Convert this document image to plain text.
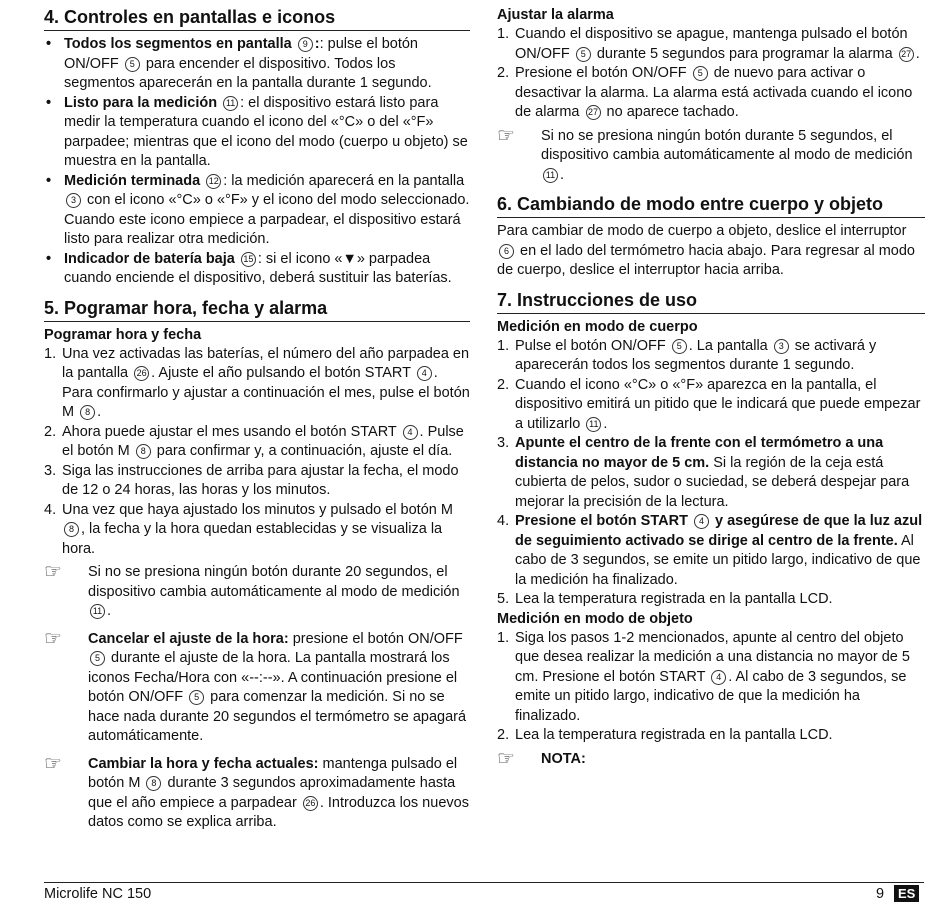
4. Controles en pantallas e iconos
• Todos los segmentos en pantalla 9 :: pulse el botón ON/OFF 5 para encender el dispositivo. Todos los segmentos aparecerán en la pantalla durante 1 segundo.
• Listo para la medición 11 : el dispositivo estará listo para medir la temperatura cuando el icono del «°C» o del «°F» parpadee; mientras que el icono del modo (cuerpo u objeto) se muestra en la pantalla.
• Medición terminada 12 : la medición aparecerá en la pantalla 3 con el icono «°C» o «°F» y el icono del modo seleccionado. Cuando este icono empiece a parpadear, el dispositivo estará listo para realizar otra medición.
• Indicador de batería baja 15 : si el icono «▼» parpadea cuando enciende el dispositivo, deberá sustituir las baterías.
5. Pogramar hora, fecha y alarma
Pogramar hora y fecha
1. Una vez activadas las baterías, el número del año parpadea en la pantalla 26 . Ajuste el año pulsando el botón START 4 . Para confirmarlo y ajustar a continuación el mes, pulse el botón M 8 .
2. Ahora puede ajustar el mes usando el botón START 4 . Pulse el botón M 8 para confirmar y, a continuación, ajuste el día.
3. Siga las instrucciones de arriba para ajustar la fecha, el modo de 12 o 24 horas, las horas y los minutos.
4. Una vez que haya ajustado los minutos y pulsado el botón M 8 , la fecha y la hora quedan establecidas y se visualiza la hora.
☞ Si no se presiona ningún botón durante 20 segundos, el dispositivo cambia automáticamente al modo de medición 11 .
☞ Cancelar el ajuste de la hora: presione el botón ON/OFF 5 durante el ajuste de la hora. La pantalla mostrará los iconos Fecha/Hora con «--:--». A continuación presione el botón ON/OFF 5 para comenzar la medición. Si no se hace nada durante 20 segundos el termómetro se apagará automáticamente.
☞ Cambiar la hora y fecha actuales: mantenga pulsado el botón M 8 durante 3 segundos aproximadamente hasta que el año empiece a parpadear 26 . Introduzca los nuevos datos como se explica arriba.
Ajustar la alarma
1. Cuando el dispositivo se apague, mantenga pulsado el botón ON/OFF 5 durante 5 segundos para programar la alarma 27 .
2. Presione el botón ON/OFF 5 de nuevo para activar o desactivar la alarma. La alarma está activada cuando el icono de alarma 27 no aparece tachado.
☞ Si no se presiona ningún botón durante 5 segundos, el dispositivo cambia automáticamente al modo de medición 11 .
6. Cambiando de modo entre cuerpo y objeto

Para cambiar de modo de cuerpo a objeto, deslice el interruptor 6 en el lado del termómetro hacia abajo. Para regresar al modo de cuerpo, deslice el interruptor hacia arriba.

7. Instrucciones de uso
Medición en modo de cuerpo
1. Pulse el botón ON/OFF 5 . La pantalla 3 se activará y aparecerán todos los segmentos durante 1 segundo.
2. Cuando el icono «°C» o «°F» aparezca en la pantalla, el dispositivo emitirá un pitido que le indicará que puede empezar a utilizarlo 11 .
3. Apunte el centro de la frente con el termómetro a una distancia no mayor de 5 cm. Si la región de la ceja está cubierta de pelos, sudor o suciedad, se deberá despejar para mejorar la precisión de la lectura.
4. Presione el botón START 4 y asegúrese de que la luz azul de seguimiento activado se dirige al centro de la frente. Al cabo de 3 segundos, se emite un pitido largo, indicativo de que la medición ha finalizado.
5. Lea la temperatura registrada en la pantalla LCD.
Medición en modo de objeto
1. Siga los pasos 1-2 mencionados, apunte al centro del objeto que desea realizar la medición a una distancia no mayor de 5 cm. Presione el botón START 4 . Al cabo de 3 segundos, se emite un pitido largo, indicativo de que la medición ha finalizado.
2. Lea la temperatura registrada en la pantalla LCD.
☞ NOTA:
Microlife NC 150	9	ES
